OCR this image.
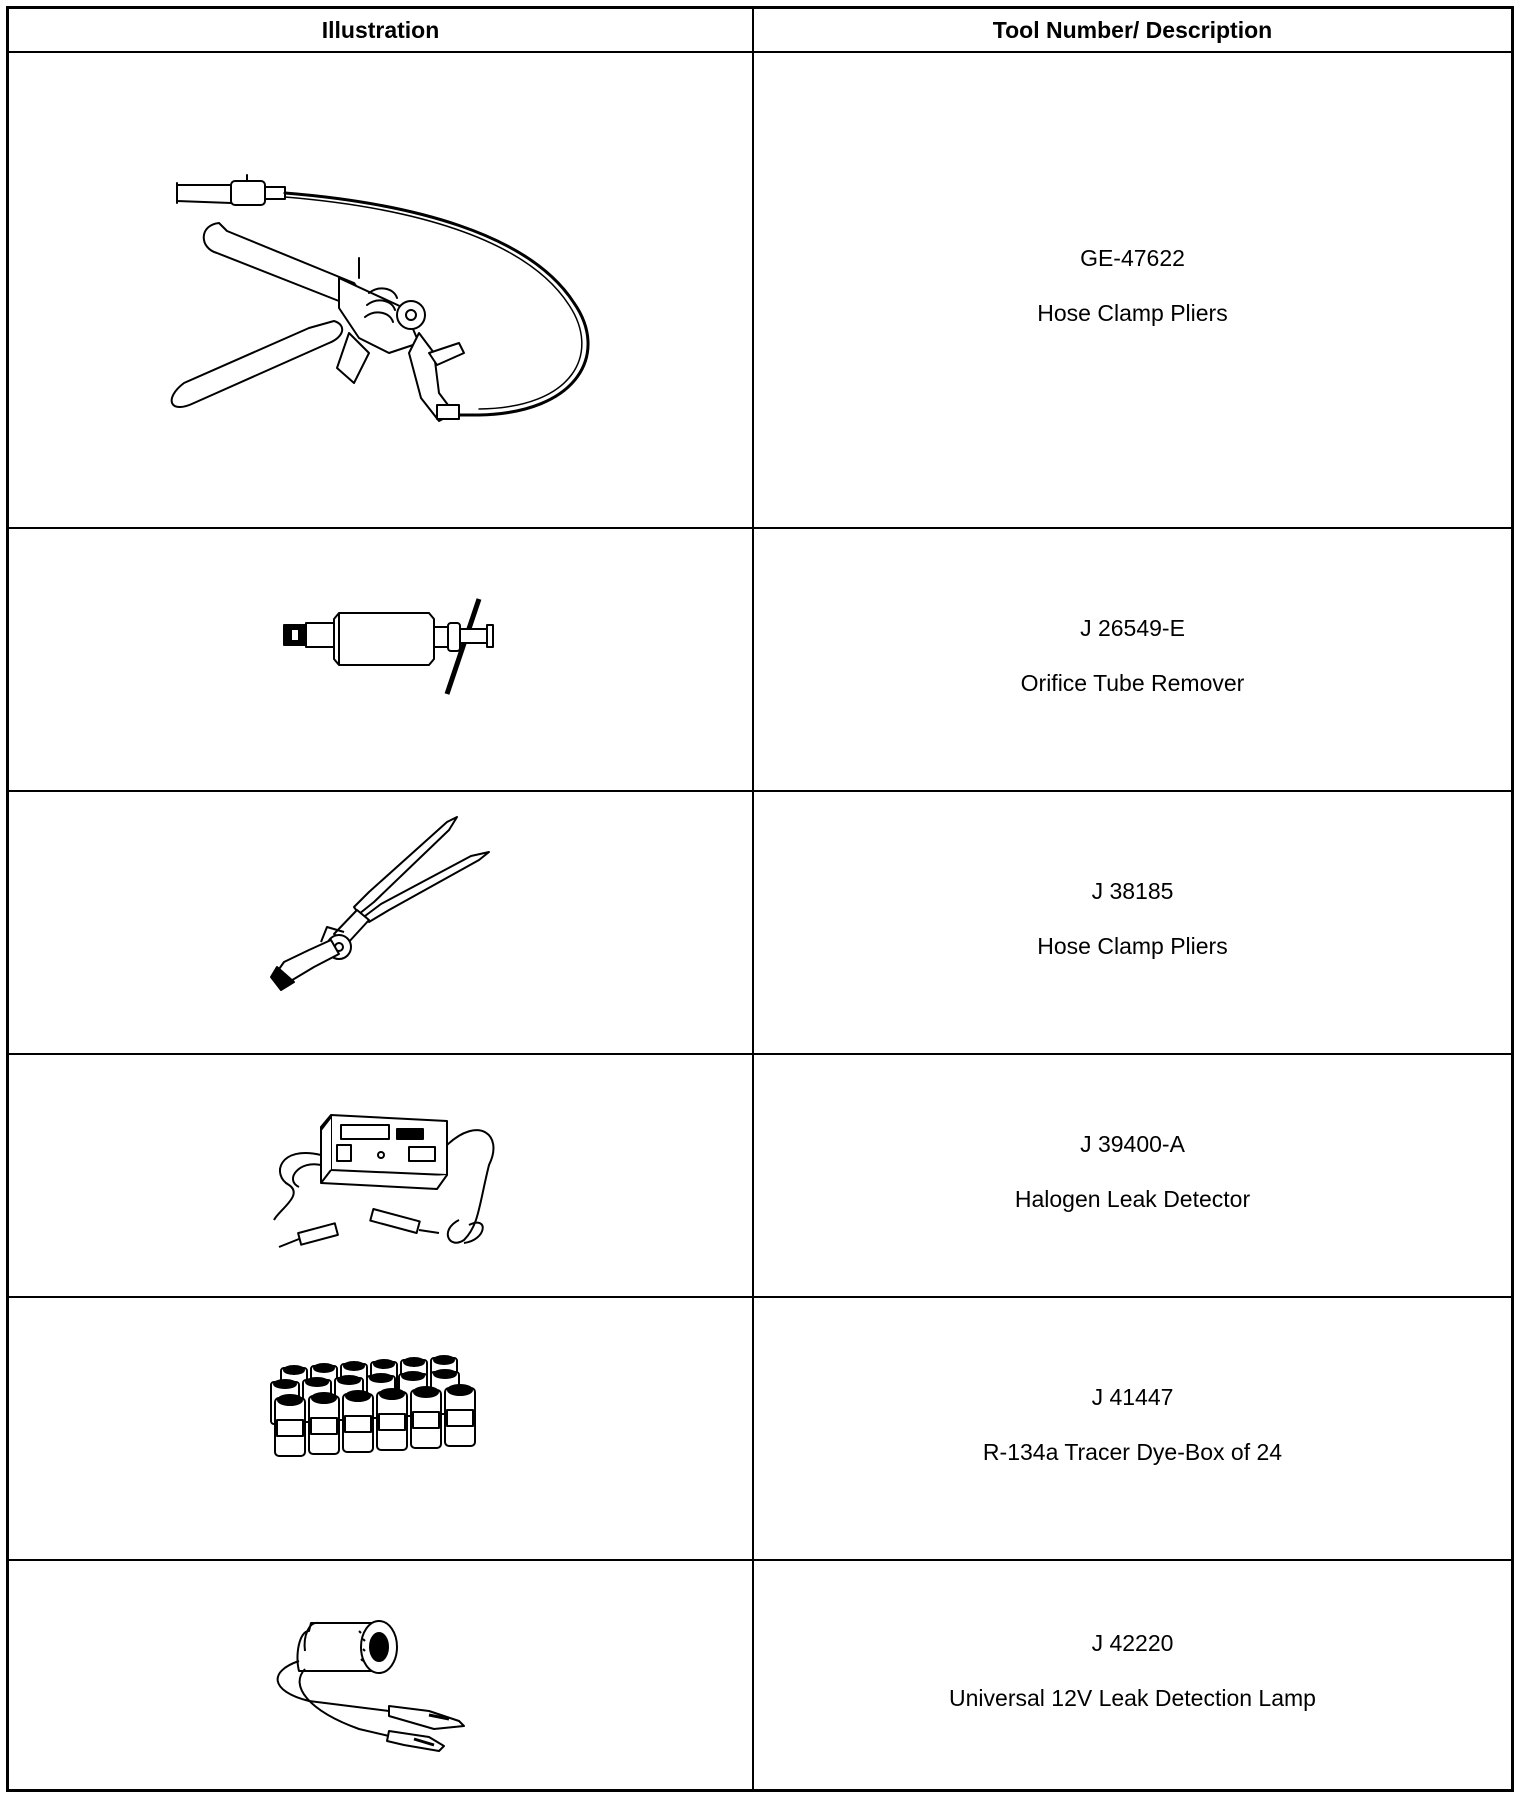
Illustration	Tool Number/ Description
GE-47622
Hose Clamp Pliers
J 26549-E
Orifice Tube Remover
J 38185
Hose Clamp Pliers
J 39400-A
Halogen Leak Detector
J 41447
R-134a Tracer Dye-Box of 24
J 42220
Universal 12V Leak Detection Lamp
